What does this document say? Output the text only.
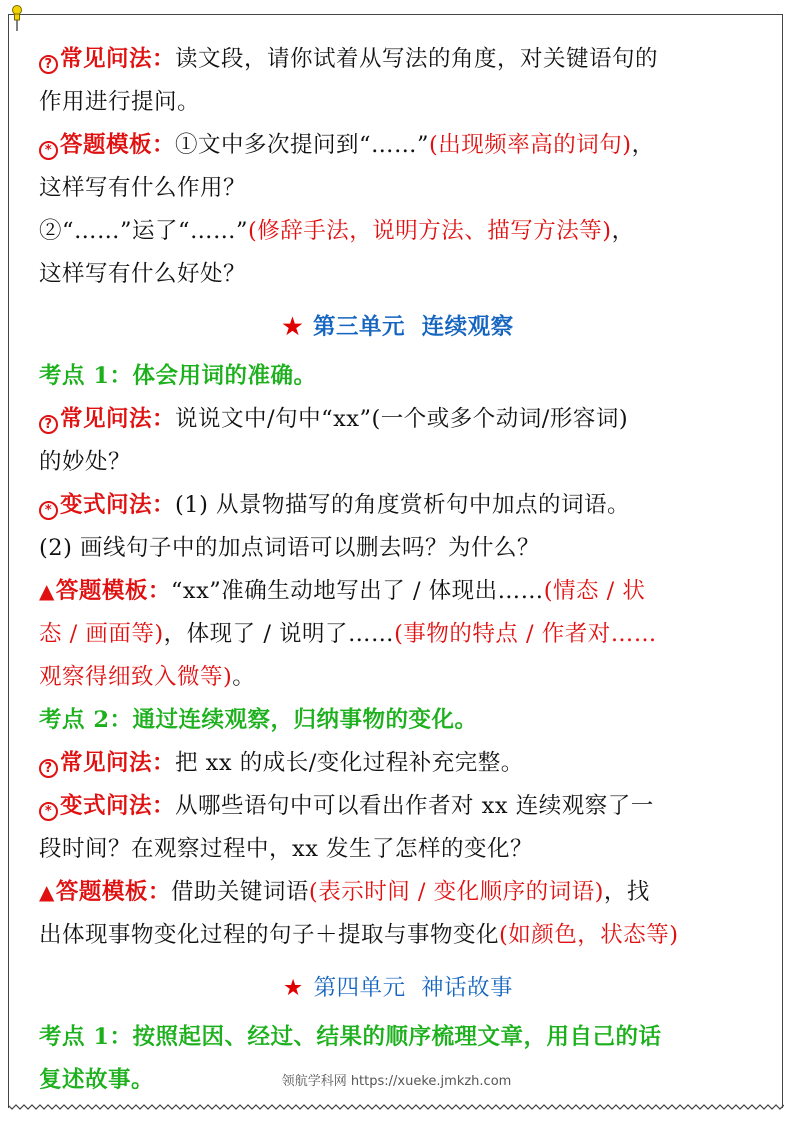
? 常见问法：读文段，请你试着从写法的角度，对关键语句的
作用进行提问。
* 答题模板：①文中多次提问到“……”(出现频率高的词句)，
这样写有什么作用？
②“……”运了“……”(修辞手法，说明方法、描写方法等)，
这样写有什么好处？
★ 第三单元  连续观察
考点 1：体会用词的准确。
? 常见问法：说说文中/句中“xx”(一个或多个动词/形容词)
的妙处？
* 变式问法：(1) 从景物描写的角度赏析句中加点的词语。
(2) 画线句子中的加点词语可以删去吗？为什么？
▲答题模板：“xx”准确生动地写出了 / 体现出……(情态 / 状
态 / 画面等)，体现了 / 说明了……(事物的特点 / 作者对……
观察得细致入微等)。
考点 2：通过连续观察，归纳事物的变化。
? 常见问法：把 xx 的成长/变化过程补充完整。
* 变式问法：从哪些语句中可以看出作者对 xx 连续观察了一
段时间？在观察过程中，xx 发生了怎样的变化？
▲答题模板：借助关键词语(表示时间 / 变化顺序的词语)，找
出体现事物变化过程的句子＋提取与事物变化(如颜色，状态等)
★ 第四单元  神话故事
考点 1：按照起因、经过、结果的顺序梳理文章，用自己的话
复述故事。	领航学科网 https://xueke.jmkzh.com
